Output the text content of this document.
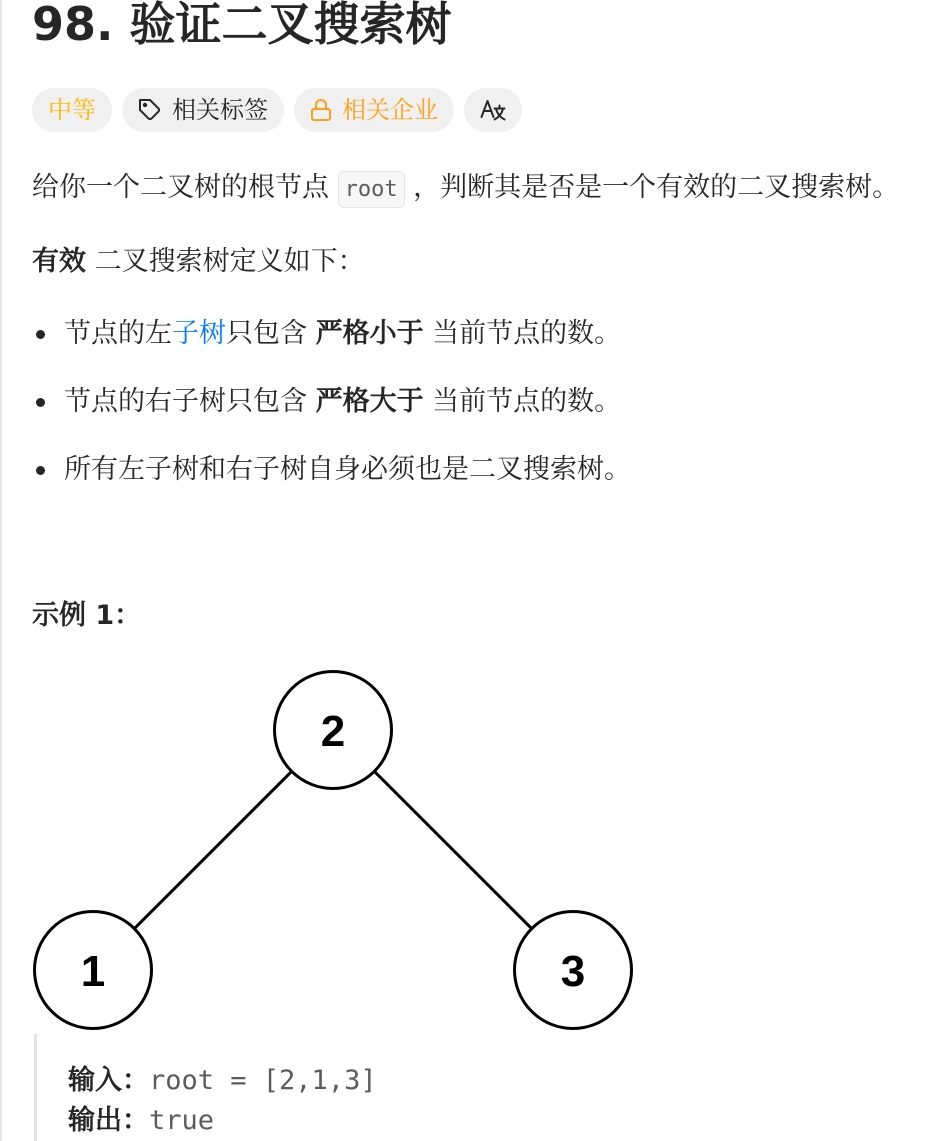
98. 验证二叉搜索树
中等	相关标签	相关企业

给你一个二叉树的根节点 root ，判断其是否是一个有效的二叉搜索树。

有效 二叉搜索树定义如下：

节点的左子树只包含 严格小于 当前节点的数。
节点的右子树只包含 严格大于 当前节点的数。
所有左子树和右子树自身必须也是二叉搜索树。
示例 1：
2
1	3
输入：root = [2,1,3]
输出：true
